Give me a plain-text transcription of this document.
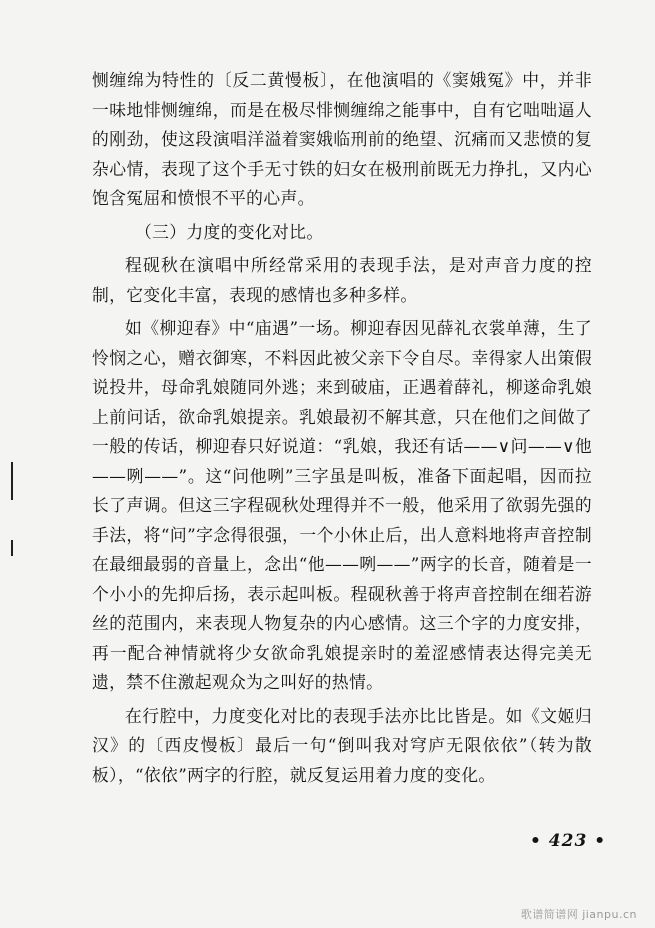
恻缠绵为特性的〔反二黄慢板〕，在他演唱的《窦娥冤》中，并非一味地悱恻缠绵，而是在极尽悱恻缠绵之能事中，自有它咄咄逼人的刚劲，使这段演唱洋溢着窦娥临刑前的绝望、沉痛而又悲愤的复杂心情，表现了这个手无寸铁的妇女在极刑前既无力挣扎，又内心饱含冤屈和愤恨不平的心声。

（三）力度的变化对比。

程砚秋在演唱中所经常采用的表现手法，是对声音力度的控制，它变化丰富，表现的感情也多种多样。

如《柳迎春》中“庙遇”一场。柳迎春因见薛礼衣裳单薄，生了怜悯之心，赠衣御寒，不料因此被父亲下令自尽。幸得家人出策假说投井，母命乳娘随同外逃；来到破庙，正遇着薛礼，柳遂命乳娘上前问话，欲命乳娘提亲。乳娘最初不解其意，只在他们之间做了一般的传话，柳迎春只好说道：“乳娘，我还有话——∨问——∨他——咧——”。这“问他咧”三字虽是叫板，准备下面起唱，因而拉长了声调。但这三字程砚秋处理得并不一般，他采用了欲弱先强的手法，将“问”字念得很强，一个小休止后，出人意料地将声音控制在最细最弱的音量上，念出“他——咧——”两字的长音，随着是一个小小的先抑后扬，表示起叫板。程砚秋善于将声音控制在细若游丝的范围内，来表现人物复杂的内心感情。这三个字的力度安排，再一配合神情就将少女欲命乳娘提亲时的羞涩感情表达得完美无遗，禁不住激起观众为之叫好的热情。

在行腔中，力度变化对比的表现手法亦比比皆是。如《文姬归汉》的〔西皮慢板〕最后一句“倒叫我对穹庐无限依依”（转为散板），“依依”两字的行腔，就反复运用着力度的变化。

• 423 •
歌谱简谱网 jianpu.cn
